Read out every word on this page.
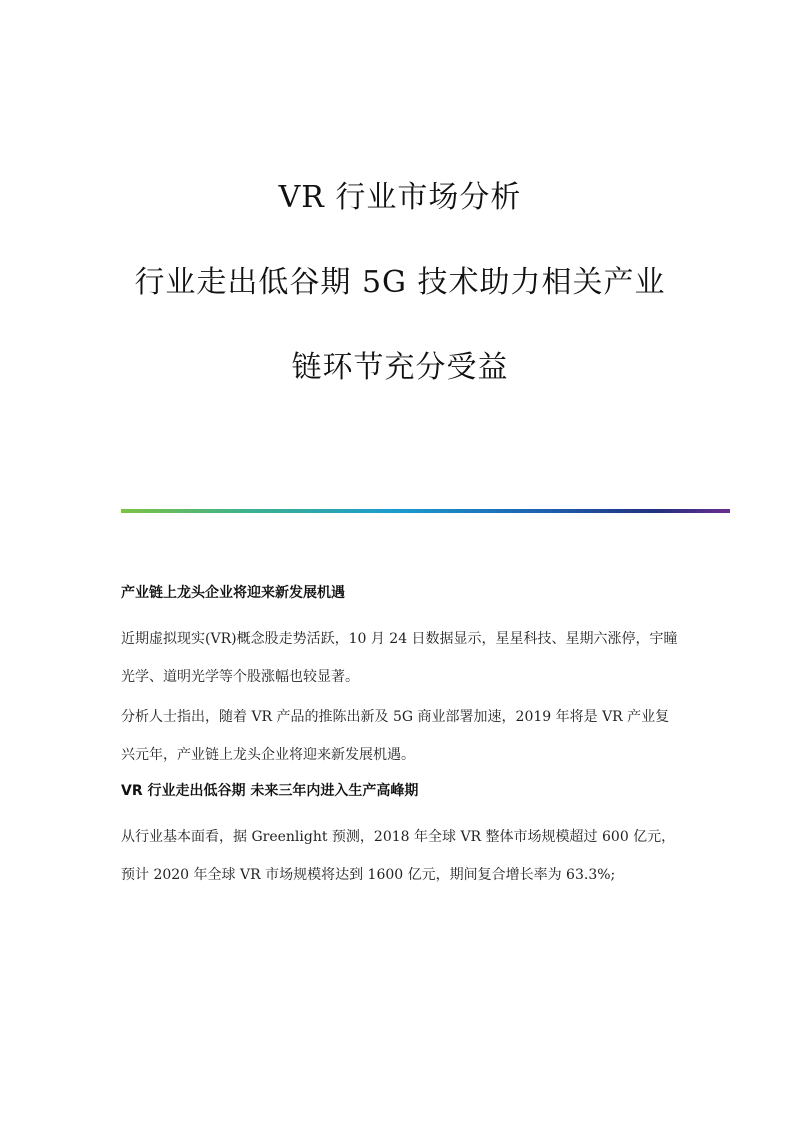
VR 行业市场分析
行业走出低谷期 5G 技术助力相关产业
链环节充分受益
产业链上龙头企业将迎来新发展机遇

近期虚拟现实(VR)概念股走势活跃，10 月 24 日数据显示，星星科技、星期六涨停，宇瞳光学、道明光学等个股涨幅也较显著。

分析人士指出，随着 VR 产品的推陈出新及 5G 商业部署加速，2019 年将是 VR 产业复兴元年，产业链上龙头企业将迎来新发展机遇。

VR 行业走出低谷期 未来三年内进入生产高峰期

从行业基本面看，据 Greenlight 预测，2018 年全球 VR 整体市场规模超过 600 亿元，预计 2020 年全球 VR 市场规模将达到 1600 亿元，期间复合增长率为 63.3%;
